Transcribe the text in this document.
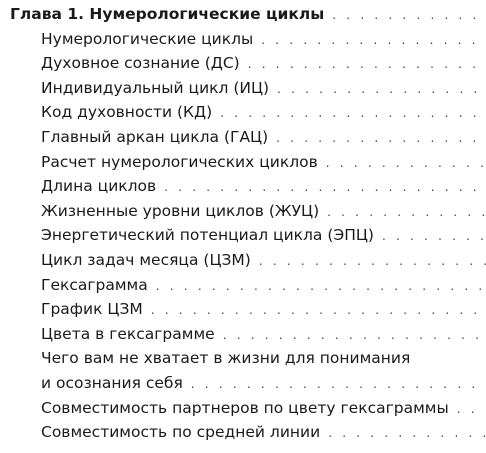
Глава 1. Нумерологические циклы
. . .
Нумерологические циклы
. . .
Духовное сознание (ДС)
. . .
Индивидуальный цикл (ИЦ)
. . .
Код духовности (КД)
. . .
Главный аркан цикла (ГАЦ)
. . .
Расчет нумерологических циклов
. . .
Длина циклов
. . .
Жизненные уровни циклов (ЖУЦ)
. . .
Энергетический потенциал цикла (ЭПЦ)
. . .
Цикл задач месяца (ЦЗМ)
. . .
Гексаграмма
. . .
График ЦЗМ
. . .
Цвета в гексаграмме
. . .
Чего вам не хватает в жизни для понимания
и осознания себя
. . .
Совместимость партнеров по цвету гексаграммы
. . .
Совместимость по средней линии
. . .
